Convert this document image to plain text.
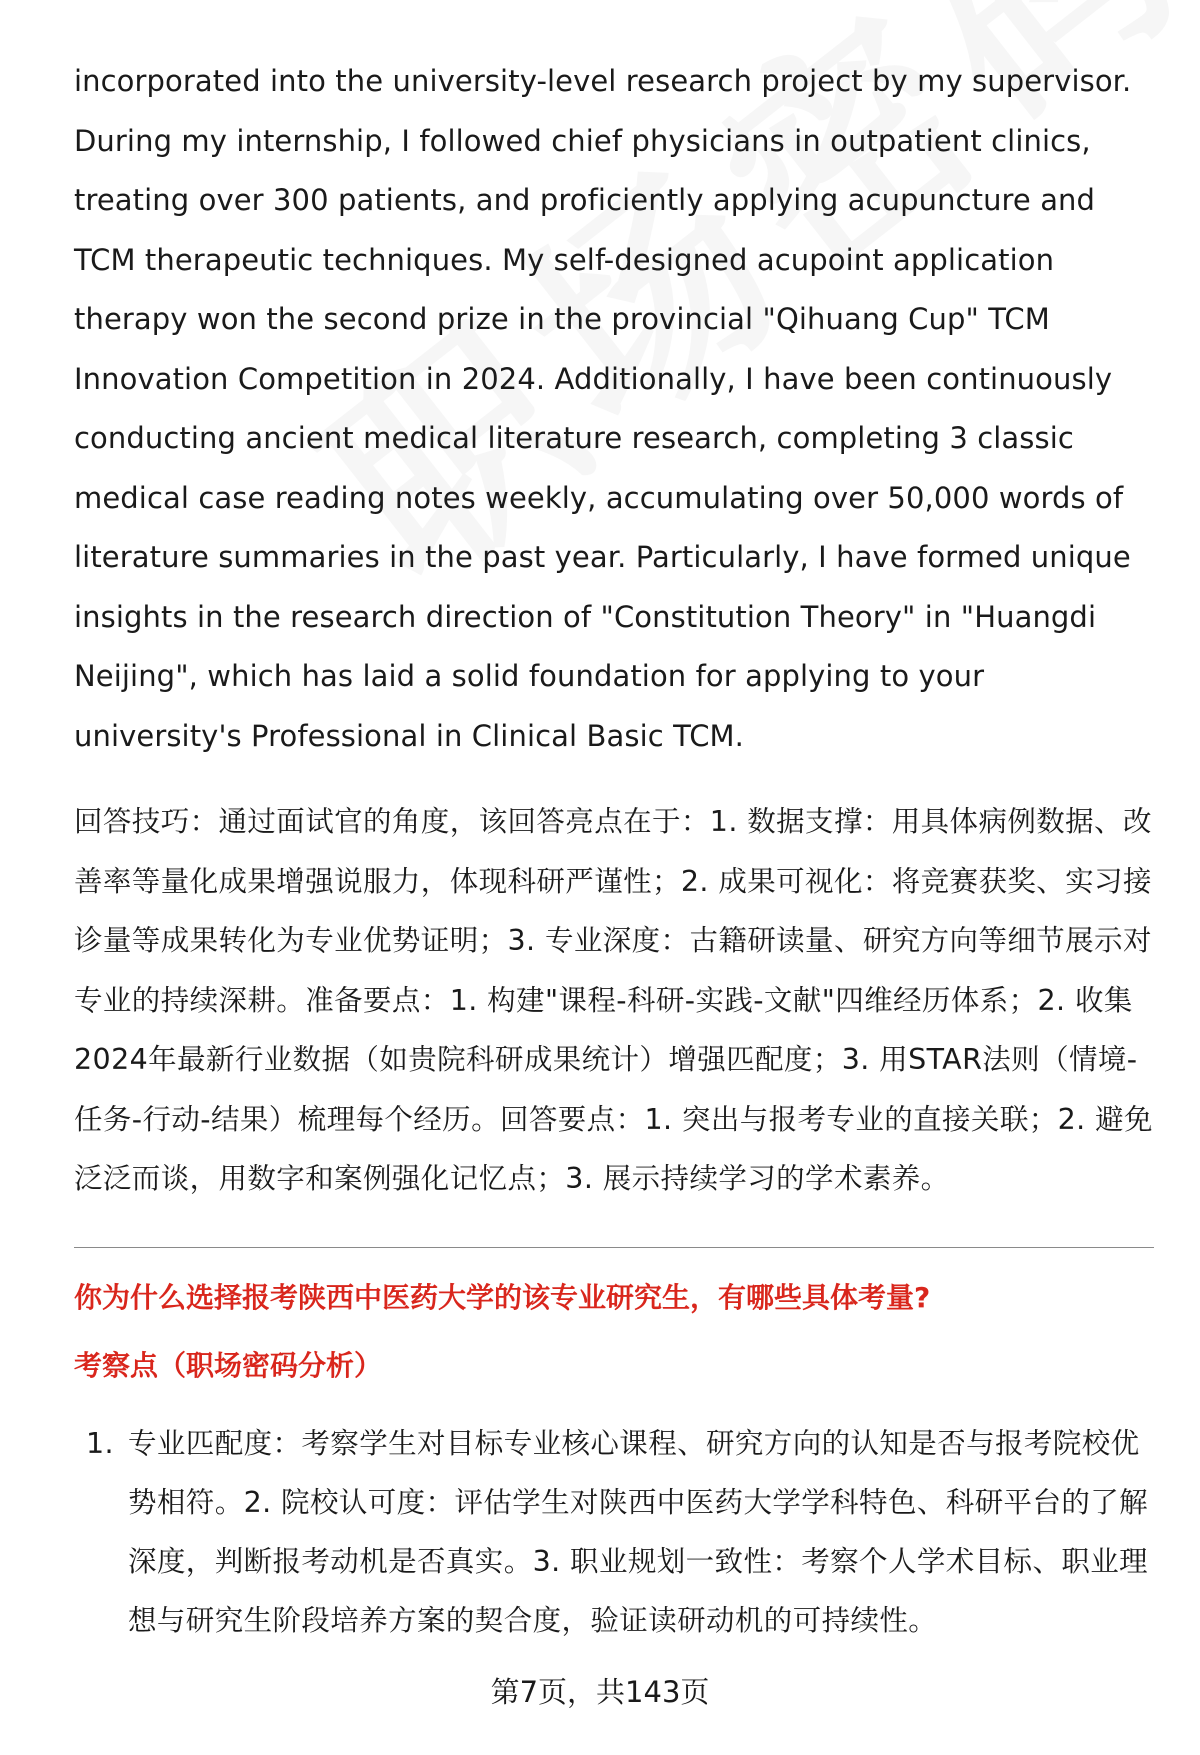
incorporated into the university-level research project by my supervisor. During my internship, I followed chief physicians in outpatient clinics, treating over 300 patients, and proficiently applying acupuncture and TCM therapeutic techniques. My self-designed acupoint application therapy won the second prize in the provincial "Qihuang Cup" TCM Innovation Competition in 2024. Additionally, I have been continuously conducting ancient medical literature research, completing 3 classic medical case reading notes weekly, accumulating over 50,000 words of literature summaries in the past year. Particularly, I have formed unique insights in the research direction of "Constitution Theory" in "Huangdi Neijing", which has laid a solid foundation for applying to your university's Professional in Clinical Basic TCM.

回答技巧：通过面试官的角度，该回答亮点在于：1. 数据支撑：用具体病例数据、改善率等量化成果增强说服力，体现科研严谨性；2. 成果可视化：将竞赛获奖、实习接诊量等成果转化为专业优势证明；3. 专业深度：古籍研读量、研究方向等细节展示对专业的持续深耕。准备要点：1. 构建"课程-科研-实践-文献"四维经历体系；2. 收集2024年最新行业数据（如贵院科研成果统计）增强匹配度；3. 用STAR法则（情境-任务-行动-结果）梳理每个经历。回答要点：1. 突出与报考专业的直接关联；2. 避免泛泛而谈，用数字和案例强化记忆点；3. 展示持续学习的学术素养。

你为什么选择报考陕西中医药大学的该专业研究生，有哪些具体考量?
考察点（职场密码分析）
1. 专业匹配度：考察学生对目标专业核心课程、研究方向的认知是否与报考院校优势相符。2. 院校认可度：评估学生对陕西中医药大学学科特色、科研平台的了解深度，判断报考动机是否真实。3. 职业规划一致性：考察个人学术目标、职业理想与研究生阶段培养方案的契合度，验证读研动机的可持续性。
第7页，共143页
